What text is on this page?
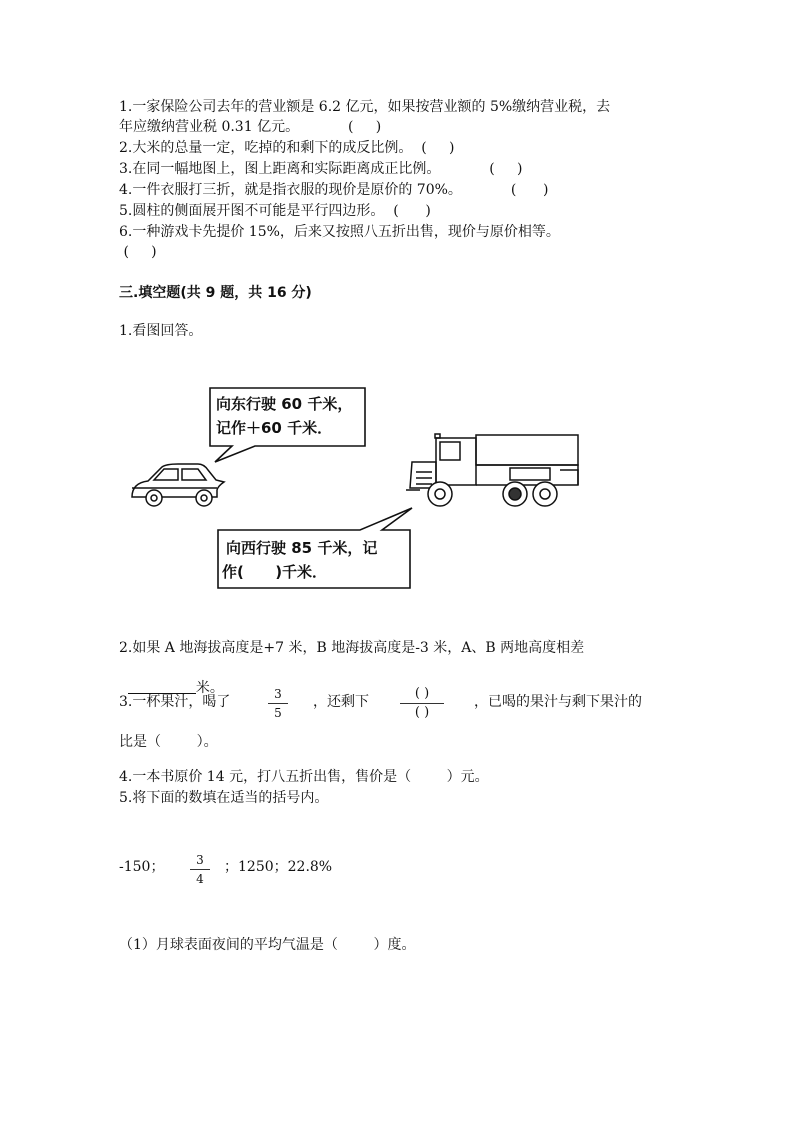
1.一家保险公司去年的营业额是 6.2 亿元，如果按营业额的 5%缴纳营业税，去
年应缴纳营业税 0.31 亿元。           (     )
2.大米的总量一定，吃掉的和剩下的成反比例。  (     )
3.在同一幅地图上，图上距离和实际距离成正比例。           (     )
4.一件衣服打三折，就是指衣服的现价是原价的 70%。           (      )
5.圆柱的侧面展开图不可能是平行四边形。  (      )
6.一种游戏卡先提价 15%，后来又按照八五折出售，现价与原价相等。
(     )
三.填空题(共 9 题，共 16 分)
1.看图回答。
向东行驶 60 千米，
记作＋60 千米．
向西行驶 85 千米，记
作(      )千米．
2.如果 A 地海拔高度是+7 米，B 地海拔高度是-3 米，A、B 两地高度相差

米。

3.一杯果汁，喝了	3
5
，还剩下
( )
( )
，已喝的果汁与剩下果汁的
比是（        ）。
4.一本书原价 14 元，打八五折出售，售价是（        ）元。
5.将下面的数填在适当的括号内。
-150；	3
4
；1250；22.8%
（1）月球表面夜间的平均气温是（        ）度。
